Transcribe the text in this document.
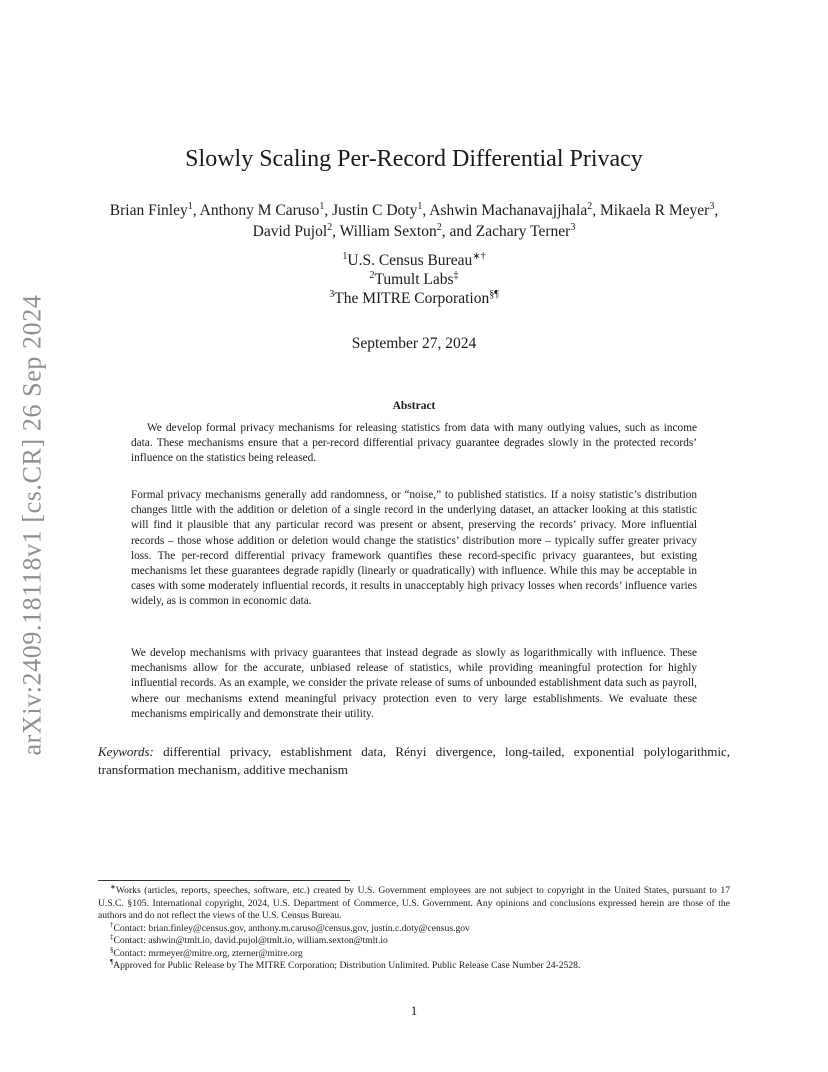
arXiv:2409.18118v1 [cs.CR] 26 Sep 2024
Slowly Scaling Per-Record Differential Privacy
Brian Finley$^1$, Anthony M Caruso$^1$, Justin C Doty$^1$, Ashwin Machanavajjhala$^2$, Mikaela R Meyer$^3$, David Pujol$^2$, William Sexton$^2$, and Zachary Terner$^3$
$^1$U.S. Census Bureau∗†
$^2$Tumult Labs‡
$^3$The MITRE Corporation§¶
September 27, 2024
Abstract

We develop formal privacy mechanisms for releasing statistics from data with many outlying values, such as income data. These mechanisms ensure that a per-record differential privacy guarantee degrades slowly in the protected records’ influence on the statistics being released.

Formal privacy mechanisms generally add randomness, or “noise,” to published statistics. If a noisy statistic’s distribution changes little with the addition or deletion of a single record in the underlying dataset, an attacker looking at this statistic will find it plausible that any particular record was present or absent, preserving the records’ privacy. More influential records – those whose addition or deletion would change the statistics’ distribution more – typically suffer greater privacy loss. The per-record differential privacy framework quantifies these record-specific privacy guarantees, but existing mechanisms let these guarantees degrade rapidly (linearly or quadratically) with influence. While this may be acceptable in cases with some moderately influential records, it results in unacceptably high privacy losses when records’ influence varies widely, as is common in economic data.

We develop mechanisms with privacy guarantees that instead degrade as slowly as logarithmically with influence. These mechanisms allow for the accurate, unbiased release of statistics, while providing meaningful protection for highly influential records. As an example, we consider the private release of sums of unbounded establishment data such as payroll, where our mechanisms extend meaningful privacy protection even to very large establishments. We evaluate these mechanisms empirically and demonstrate their utility.

Keywords: differential privacy, establishment data, Rényi divergence, long-tailed, exponential polylogarithmic, transformation mechanism, additive mechanism
∗Works (articles, reports, speeches, software, etc.) created by U.S. Government employees are not subject to copyright in the United States, pursuant to 17 U.S.C. §105. International copyright, 2024, U.S. Department of Commerce, U.S. Government. Any opinions and conclusions expressed herein are those of the authors and do not reflect the views of the U.S. Census Bureau.
†Contact: brian.finley@census.gov, anthony.m.caruso@census.gov, justin.c.doty@census.gov
‡Contact: ashwin@tmlt.io, david.pujol@tmlt.io, william.sexton@tmlt.io
§Contact: mrmeyer@mitre.org, zterner@mitre.org
¶Approved for Public Release by The MITRE Corporation; Distribution Unlimited. Public Release Case Number 24-2528.
1
